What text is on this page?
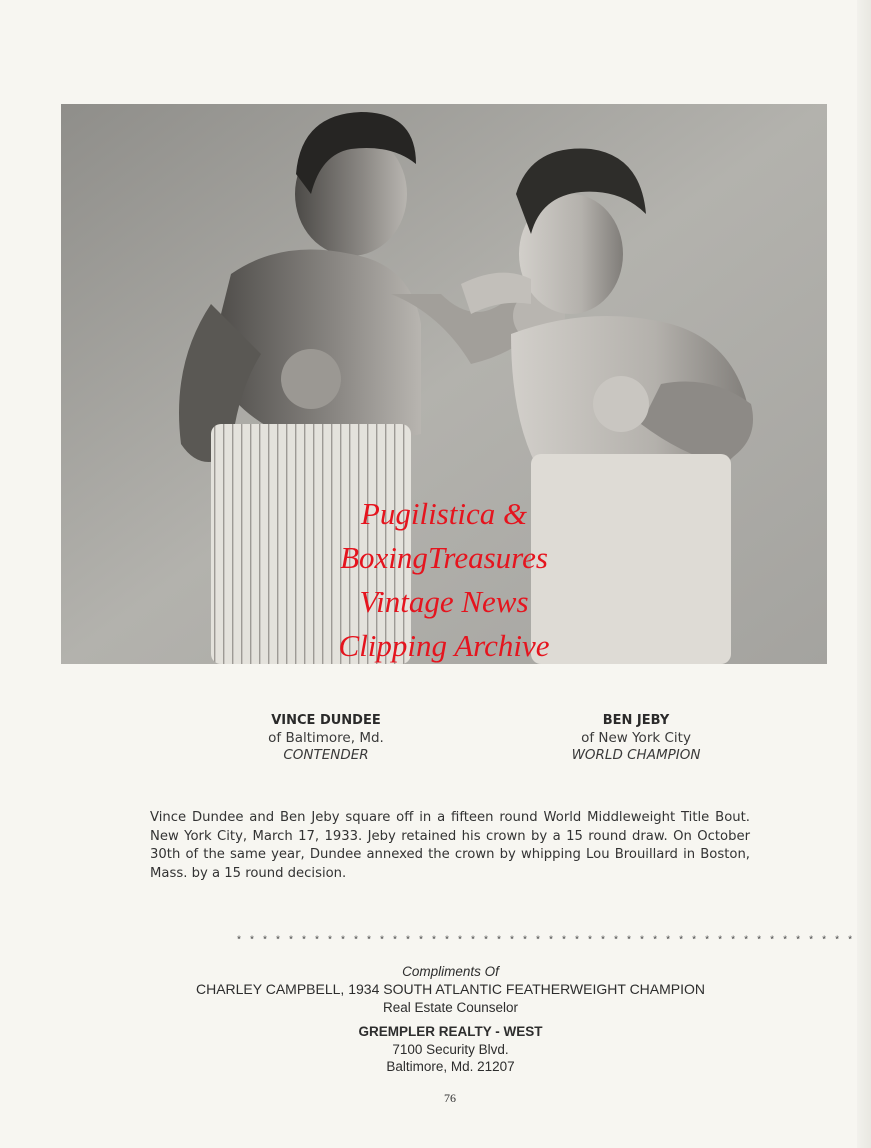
Pugilistica &
BoxingTreasures
Vintage News
Clipping Archive
VINCE DUNDEE
of Baltimore, Md.
CONTENDER
BEN JEBY
of New York City
WORLD CHAMPION
Vince Dundee and Ben Jeby square off in a fifteen round World Middleweight Title Bout. New York City, March 17, 1933. Jeby retained his crown by a 15 round draw. On October 30th of the same year, Dundee annexed the crown by whipping Lou Brouillard in Boston, Mass. by a 15 round decision.
* * * * * * * * * * * * * * * * * * * * * * * * * * * * * * * * * * * * * * * * * * * * * * * *
Compliments Of
CHARLEY CAMPBELL, 1934 SOUTH ATLANTIC FEATHERWEIGHT CHAMPION
Real Estate Counselor
GREMPLER REALTY - WEST
7100 Security Blvd.
Baltimore, Md. 21207
76
